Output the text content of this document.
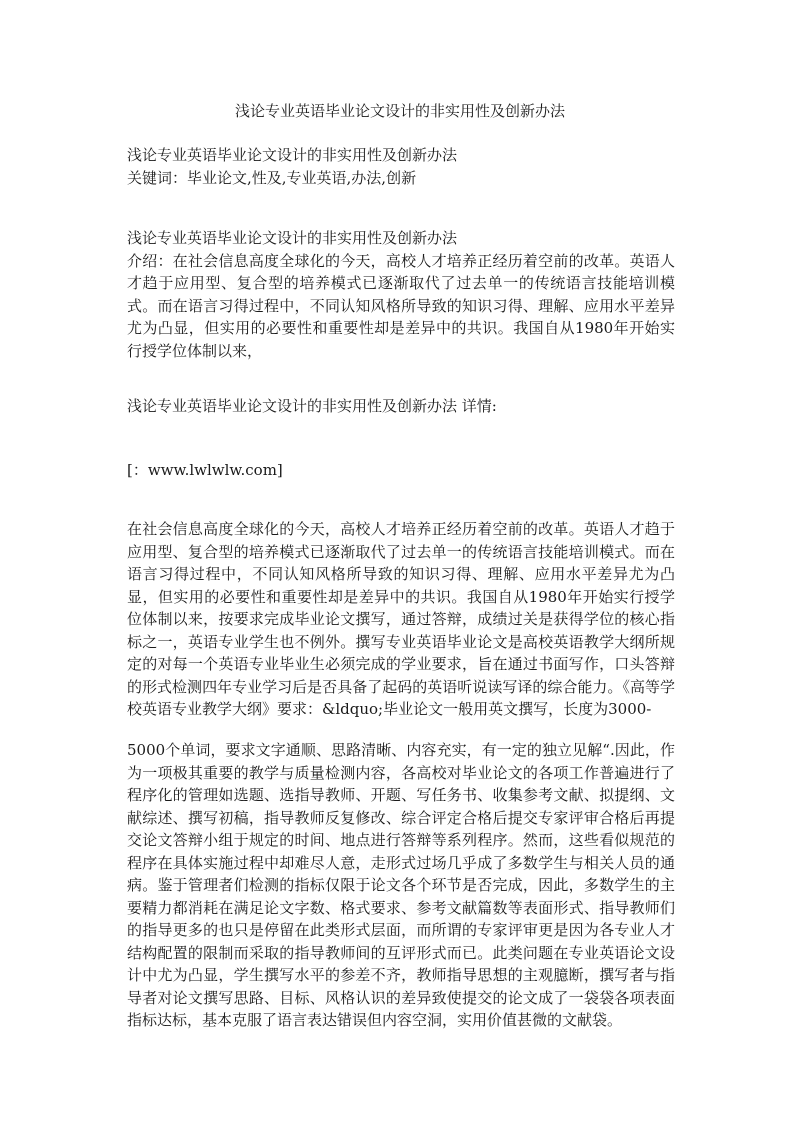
浅论专业英语毕业论文设计的非实用性及创新办法
浅论专业英语毕业论文设计的非实用性及创新办法
关键词：毕业论文,性及,专业英语,办法,创新
浅论专业英语毕业论文设计的非实用性及创新办法
介绍：在社会信息高度全球化的今天，高校人才培养正经历着空前的改革。英语人才趋于应用型、复合型的培养模式已逐渐取代了过去单一的传统语言技能培训模式。而在语言习得过程中，不同认知风格所导致的知识习得、理解、应用水平差异尤为凸显，但实用的必要性和重要性却是差异中的共识。我国自从1980年开始实行授学位体制以来，
浅论专业英语毕业论文设计的非实用性及创新办法 详情:
[：www.lwlwlw.com]
在社会信息高度全球化的今天，高校人才培养正经历着空前的改革。英语人才趋于应用型、复合型的培养模式已逐渐取代了过去单一的传统语言技能培训模式。而在语言习得过程中，不同认知风格所导致的知识习得、理解、应用水平差异尤为凸显，但实用的必要性和重要性却是差异中的共识。我国自从1980年开始实行授学位体制以来，按要求完成毕业论文撰写，通过答辩，成绩过关是获得学位的核心指标之一，英语专业学生也不例外。撰写专业英语毕业论文是高校英语教学大纲所规定的对每一个英语专业毕业生必须完成的学业要求，旨在通过书面写作，口头答辩的形式检测四年专业学习后是否具备了起码的英语听说读写译的综合能力。《高等学校英语专业教学大纲》要求：&ldquo;毕业论文一般用英文撰写，长度为3000-
5000个单词，要求文字通顺、思路清晰、内容充实，有一定的独立见解“.因此，作为一项极其重要的教学与质量检测内容，各高校对毕业论文的各项工作普遍进行了程序化的管理如选题、选指导教师、开题、写任务书、收集参考文献、拟提纲、文献综述、撰写初稿，指导教师反复修改、综合评定合格后提交专家评审合格后再提交论文答辩小组于规定的时间、地点进行答辩等系列程序。然而，这些看似规范的程序在具体实施过程中却难尽人意，走形式过场几乎成了多数学生与相关人员的通病。鉴于管理者们检测的指标仅限于论文各个环节是否完成，因此，多数学生的主要精力都消耗在满足论文字数、格式要求、参考文献篇数等表面形式、指导教师们的指导更多的也只是停留在此类形式层面，而所谓的专家评审更是因为各专业人才结构配置的限制而采取的指导教师间的互评形式而已。此类问题在专业英语论文设计中尤为凸显，学生撰写水平的参差不齐，教师指导思想的主观臆断，撰写者与指导者对论文撰写思路、目标、风格认识的差异致使提交的论文成了一袋袋各项表面指标达标，基本克服了语言表达错误但内容空洞，实用价值甚微的文献袋。
